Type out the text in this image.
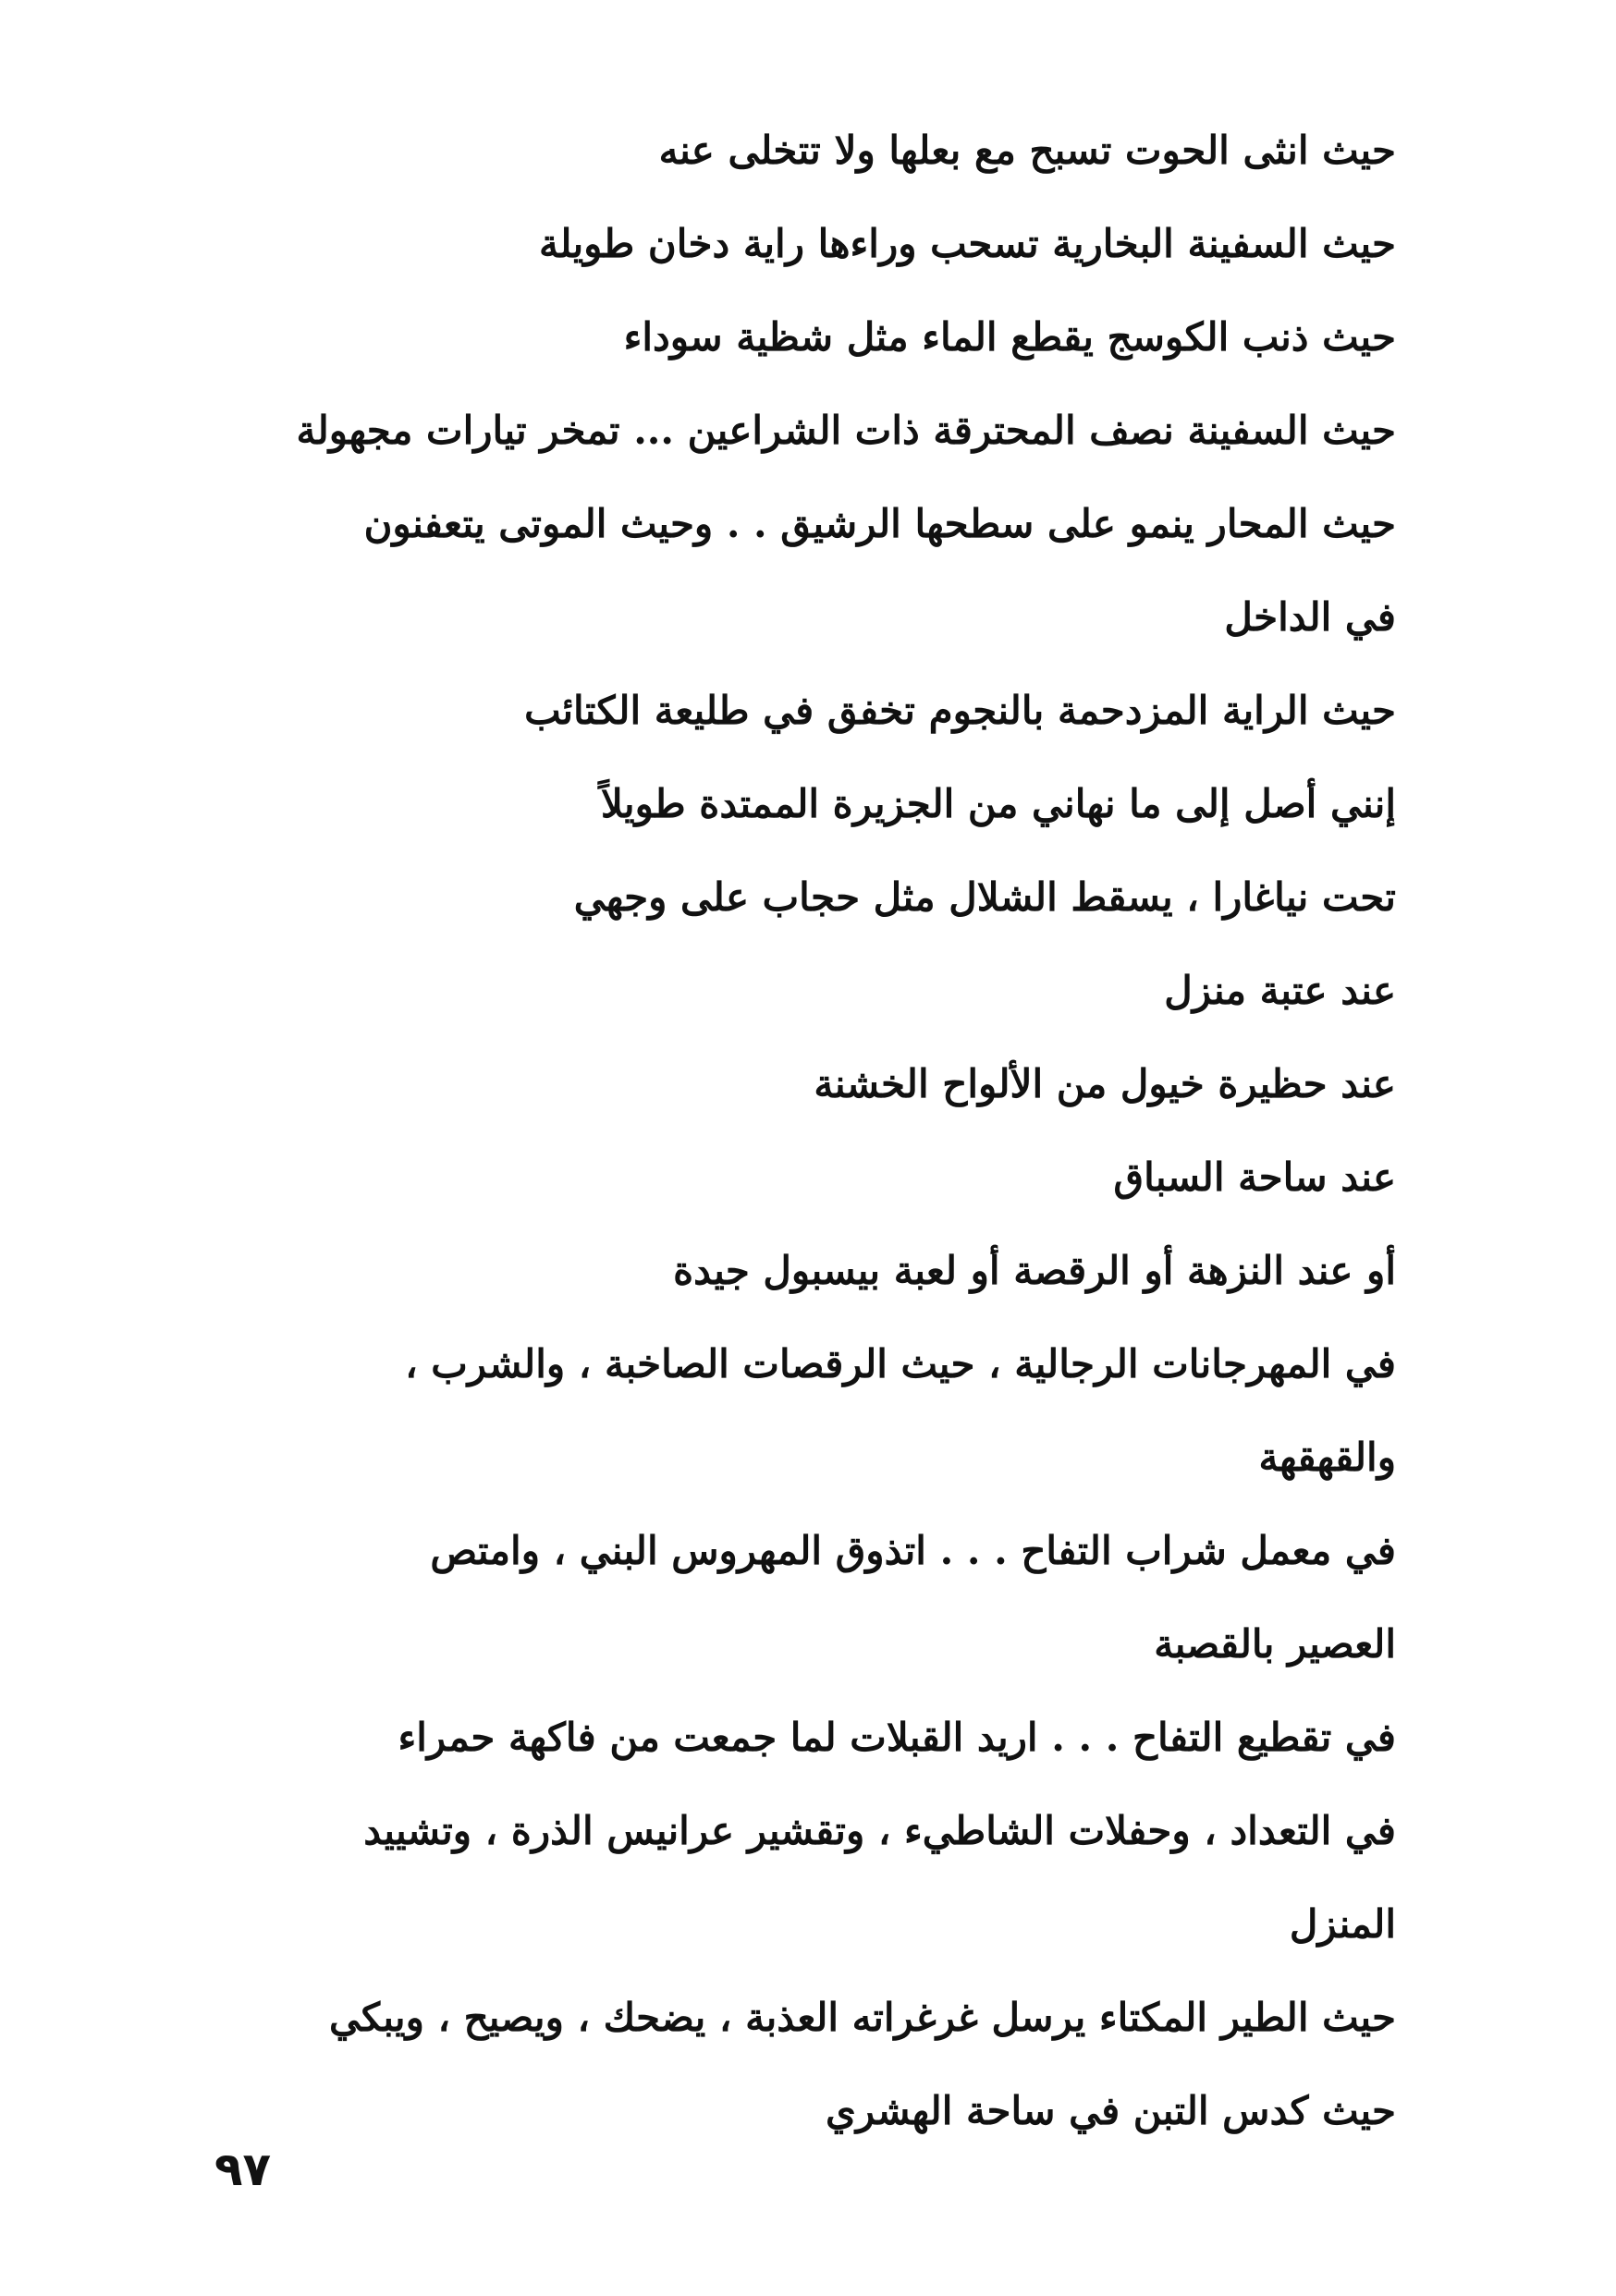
حيث انثى الحوت تسبح مع بعلها ولا تتخلى عنه
حيث السفينة البخارية تسحب وراءها راية دخان طويلة
حيث ذنب الكوسج يقطع الماء مثل شظية سوداء
حيث السفينة نصف المحترقة ذات الشراعين ... تمخر تيارات مجهولة
حيث المحار ينمو على سطحها الرشيق . . وحيث الموتى يتعفنون
في الداخل
حيث الراية المزدحمة بالنجوم تخفق في طليعة الكتائب
إنني أصل إلى ما نهاني من الجزيرة الممتدة طويلاً
تحت نياغارا ، يسقط الشلال مثل حجاب على وجهي
عند عتبة منزل
عند حظيرة خيول من الألواح الخشنة
عند ساحة السباق
أو عند النزهة أو الرقصة أو لعبة بيسبول جيدة
في المهرجانات الرجالية ، حيث الرقصات الصاخبة ، والشرب ،
والقهقهة
في معمل شراب التفاح . . . اتذوق المهروس البني ، وامتص
العصير بالقصبة
في تقطيع التفاح . . . اريد القبلات لما جمعت من فاكهة حمراء
في التعداد ، وحفلات الشاطيء ، وتقشير عرانيس الذرة ، وتشييد
المنزل
حيث الطير المكتاء يرسل غرغراته العذبة ، يضحك ، ويصيح ، ويبكي
حيث كدس التبن في ساحة الهشري
٩٧
